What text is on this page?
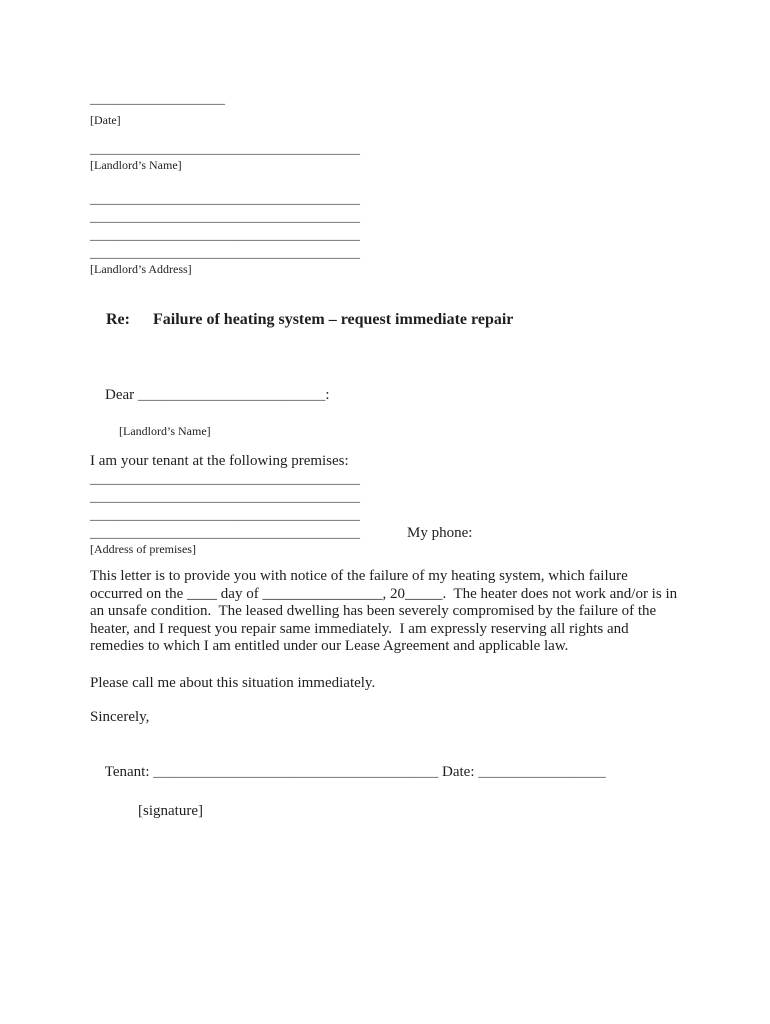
__________________
[Date]
____________________________________
[Landlord’s Name]
____________________________________
____________________________________
____________________________________
____________________________________
[Landlord’s Address]

Re: Failure of heating system – request immediate repair

Dear _________________________:

[Landlord’s Name]
I am your tenant at the following premises:
____________________________________
____________________________________
____________________________________
____________________________________	My phone:
[Address of premises]
This letter is to provide you with notice of the failure of my heating system, which failure
occurred on the ____ day of ________________, 20_____.  The heater does not work and/or is in
an unsafe condition.  The leased dwelling has been severely compromised by the failure of the
heater, and I request you repair same immediately.  I am expressly reserving all rights and
remedies to which I am entitled under our Lease Agreement and applicable law.
Please call me about this situation immediately.
Sincerely,

Tenant: ______________________________________ Date: _________________

[signature]
